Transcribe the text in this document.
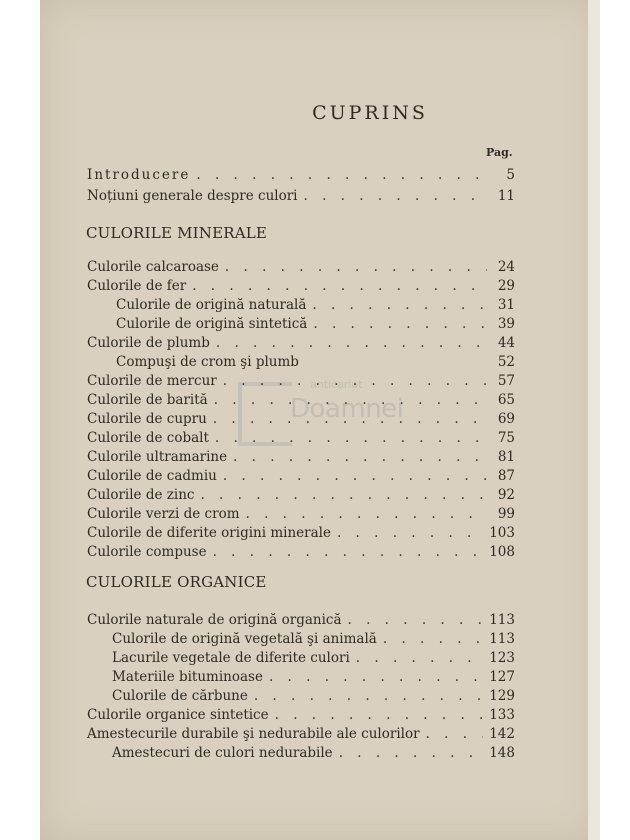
CUPRINS
Pag.
CULORILE MINERALE
CULORILE ORGANICE
anticariat
Doamnei
Introducere . . .	5
Noțiuni generale despre culori . . .	11
Culorile calcaroase . . .	24
Culorile de fer . . .	29
Culorile de origină naturală . . .	31
Culorile de origină sintetică . . .	39
Culorile de plumb . . .	44
Compuşi de crom şi plumb	52
Culorile de mercur . . .	57
Culorile de barită . . .	65
Culorile de cupru . . .	69
Culorile de cobalt . . .	75
Culorile ultramarine . . .	81
Culorile de cadmiu . . .	87
Culorile de zinc . . .	92
Culorile verzi de crom . . .	99
Culorile de diferite origini minerale . . .	103
Culorile compuse . . .	108
Culorile naturale de origină organică . . .	113
Culorile de origină vegetală şi animală . . .	113
Lacurile vegetale de diferite culori . . .	123
Materiile bituminoase . . .	127
Culorile de cărbune . . .	129
Culorile organice sintetice . . .	133
Amestecurile durabile şi nedurabile ale culorilor . . .	142
Amestecuri de culori nedurabile . . .	148
